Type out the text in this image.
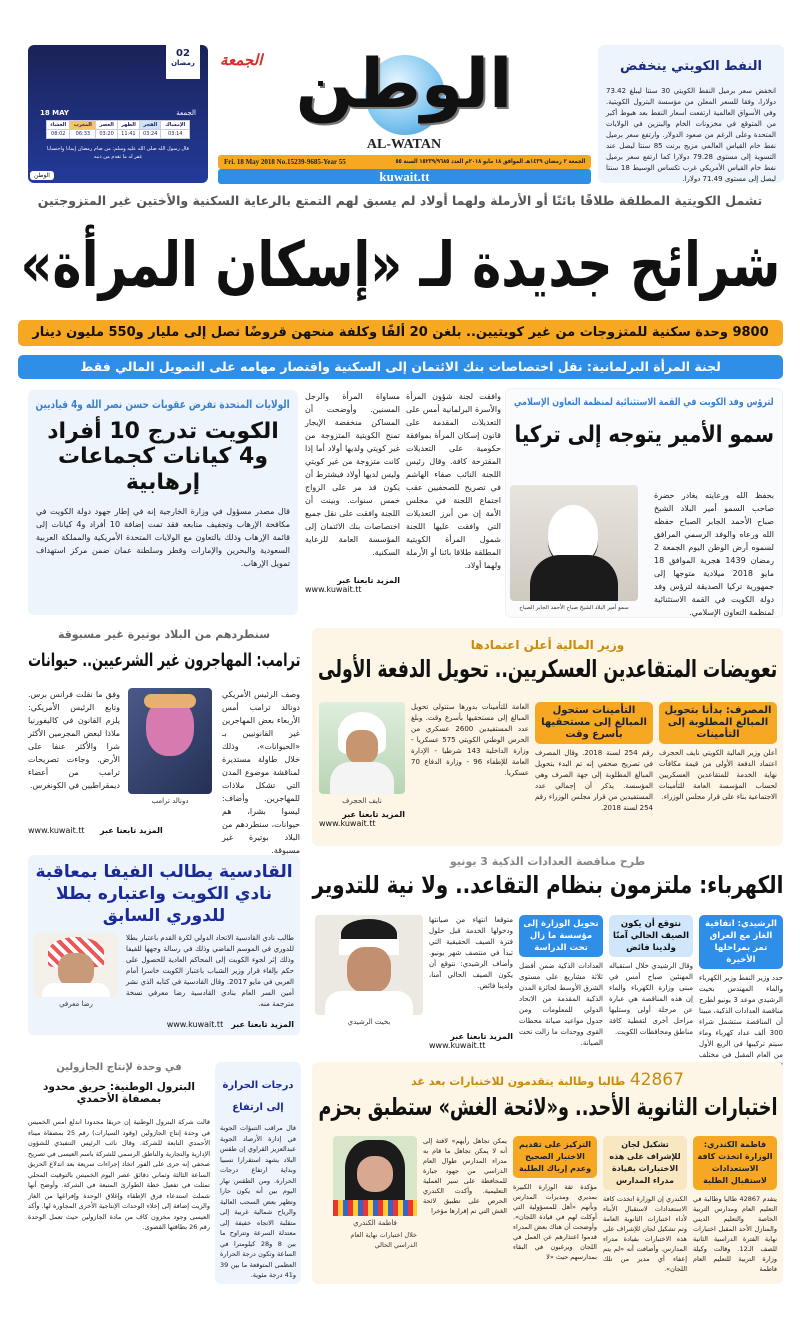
النفط الكويتي ينخفض
انخفض سعر برميل النفط الكويتي 30 سنتا ليبلغ 73.42 دولارا، وفقا للسعر المعلن من مؤسسة البترول الكويتية. وفي الأسواق العالمية ارتفعت أسعار النفط بعد هبوط أكبر من المتوقع في مخزونات الخام والبنزين في الولايات المتحدة وعلى الرغم من صعود الدولار. وارتفع سعر برميل نفط خام القياس العالمي مزيج برنت 85 سنتا ليصل عند التسوية إلى مستوى 79.28 دولارا كما ارتفع سعر برميل نفط خام القياس الأمريكي غرب تكساس الوسيط 18 سنتا ليصل إلى مستوى 71.49 دولارا.
الجمعة الوطن
AL-WATAN
الجمعة ٢ رمضان ١٤٣٩هـ الموافق ١٨ مايو ٢٠١٨م العدد ١٥٢٣٩/٩٦٨٥ السنة ٥٥
Fri. 18 May 2018 No.15239-9685-Year 55
kuwait.tt
02
رمضان
18 MAY	الجمعة
الإمساك	الفجر	الظهر	العصر	المغرب	العشاء
03:14	03:24	11:41	03:20	06:33	08:02
قال رسول الله صلى الله عليه وسلم: من صام رمضان إيمانا واحتسابا غفر له ما تقدم من ذنبه
الوطن
تشمل الكويتية المطلقة طلاقًا بائنًا أو الأرملة ولهما أولاد لم يسبق لهم التمتع بالرعاية السكنية والأختين غير المتزوجتين
شرائح جديدة لـ «إسكان المرأة»
9800 وحدة سكنية للمتزوجات من غير كويتيين.. بلغن 20 ألفًا وكلفة منحهن قروضًا تصل إلى مليار و550 مليون دينار
لجنة المرأة البرلمانية: نقل اختصاصات بنك الائتمان إلى السكنية واقتصار مهامه على التمويل المالي فقط
وافقت لجنة شؤون المرأة والأسرة البرلمانية أمس على التعديلات المقدمة على قانون إسكان المرأة بموافقة حكومية على التعديلات المقترحة كافة. وقال رئيس اللجنة النائب صفاء الهاشم في تصريح للصحفيين عقب اجتماع اللجنة في مجلس الأمة إن من أبرز التعديلات التي وافقت عليها اللجنة شمول المرأة الكويتية المطلقة طلاقا بائنا أو الأرملة ولهما أولاد.
مساواة المرأة والرجل المسنين. وأوضحت أن المساكن منخفضة الإيجار تمنح الكويتية المتزوجة من غير كويتي ولديها أولاد أما إذا كانت متزوجة من غير كويتي وليس لديها أولاد فيشترط أن يكون قد مر على الزواج خمس سنوات. وبينت أن اللجنة وافقت على نقل جميع اختصاصات بنك الائتمان إلى المؤسسة العامة للرعاية السكنية.
المزيد تابعنا عبر
www.kuwait.tt
الولايات المتحدة تفرض عقوبات حسن نصر الله و4 قياديين
الكويت تدرج 10 أفراد و4 كيانات كجماعات إرهابية
قال مصدر مسؤول في وزارة الخارجية إنه في إطار جهود دولة الكويت في مكافحة الإرهاب وتجفيف منابعه فقد تمت إضافة 10 أفراد و4 كيانات إلى قائمة الإرهاب وذلك بالتعاون مع الولايات المتحدة الأمريكية والمملكة العربية السعودية والبحرين والإمارات وقطر وسلطنة عمان ضمن مركز استهداف تمويل الإرهاب.
لترؤس وفد الكويت في القمة الاستثنائية لمنظمة التعاون الإسلامي
سمو الأمير يتوجه إلى تركيا
بحفظ الله ورعايته يغادر حضرة صاحب السمو أمير البلاد الشيخ صباح الأحمد الجابر الصباح حفظه الله ورعاه والوفد الرسمي المرافق لسموه أرض الوطن اليوم الجمعة 2 رمضان 1439 هجرية الموافق 18 مايو 2018 ميلادية متوجها إلى جمهورية تركيا الصديقة لترؤس وفد دولة الكويت في القمة الاستثنائية لمنظمة التعاون الإسلامي.
سمو أمير البلاد الشيخ صباح الأحمد الجابر الصباح
سنطردهم من البلاد بوتيرة غير مسبوقة
ترامب: المهاجرون غير الشرعيين.. حيوانات
وصف الرئيس الأمريكي دونالد ترامب أمس الأربعاء بعض المهاجرين غير القانونيين بـ «الحيوانات»، وذلك خلال طاولة مستديرة لمناقشة موضوع المدن التي تشكل ملاذات للمهاجرين. وأضاف: ليسوا بشرا، هم حيوانات، سنطردهم من البلاد بوتيرة غير مسبوقة.
دونالد ترامب
وفق ما نقلت فرانس برس. وتابع الرئيس الأمريكي: يلزم القانون في كاليفورنيا ملاذا لبعض المجرمين الأكثر شرا والأكثر عنفا على الأرض. وجاءت تصريحات ترامب من أعضاء ديمقراطيين في الكونغرس.
www.kuwait.tt	المزيد تابعنا عبر
وزير المالية أعلن اعتمادها
تعويضات المتقاعدين العسكريين.. تحويل الدفعة الأولى
المصرف: بدأنا بتحويل المبالغ المطلوبة إلى التأمينات
أعلن وزير المالية الكويتي نايف الحجرف اعتماد الدفعة الأولى من قيمة مكافآت نهاية الخدمة للمتقاعدين العسكريين لحساب المؤسسة العامة للتأمينات الاجتماعية بناء على قرار مجلس الوزراء.
التأمينات ستحول المبالغ إلى مستحقيها بأسرع وقت
رقم 254 لسنة 2018. وقال المصرف في تصريح صحفي إنه تم البدء بتحويل المبالغ المطلوبة إلى جهة الصرف وهي المؤسسة. يذكر أن إجمالي عدد المستفيدين من قرار مجلس الوزراء رقم 254 لسنة 2018.
العامة للتأمينات بدورها ستتولى تحويل المبالغ إلى مستحقيها بأسرع وقت. وبلغ عدد المستفيدين 2600 عسكري من الحرس الوطني الكويتي 575 عسكريا - وزارة الداخلية 143 شرطيا - الإدارة العامة للإطفاء 96 - وزارة الدفاع 70 عسكريا.
نايف الحجرف
المزيد تابعنا عبر
www.kuwait.tt
القادسية يطالب الفيفا بمعاقبة نادي الكويت واعتباره بطلا للدوري السابق
طالب نادي القادسية الاتحاد الدولي لكرة القدم باعتبار بطلا للدوري في الموسم الماضي وذلك في رسالة وجهها للفيفا وذلك إثر لجوء الكويت إلى المحاكم العادية للحصول على حكم بإلغاء قرار وزير الشباب باعتبار الكويت خاسرا أمام العربي في مايو 2017. وقال القادسية في كتابه الذي نشر أمين السر العام بنادي القادسية رضا معرفي نسخة مترجمة منه.
رضا معرفي
المزيد تابعنا عبر
www.kuwait.tt
طرح مناقصة العدادات الذكية 3 يونيو
الكهرباء: ملتزمون بنظام التقاعد.. ولا نية للتدوير
الرشيدي: اتفاقية الغاز مع العراق تمر بمراحلها الأخيرة
حدد وزير النفط وزير الكهرباء والماء المهندس بخيت الرشيدي موعد 3 يونيو لطرح مناقصة العدادات الذكية، مبينا أن المناقصة ستشمل شراء 300 ألف عداد كهرباء وماء سيتم تركيبها في الربع الأول من العام المقبل في مختلف
نتوقع أن يكون الصيف الحالي آمنًا ولدينا فائض
وقال الرشيدي خلال استقباله المهنئين صباح أمس في مبنى وزارة الكهرباء والماء إن هذه المناقصة هي عبارة عن مرحلة أولى وستليها مراحل أخرى لتغطية كافة مناطق ومحافظات الكويت.
تحويل الوزارة إلى مؤسسة ما زال تحت الدراسة
العدادات الذكية ضمن أفضل ثلاثة مشاريع على مستوى الشرق الأوسط لجائزة المدن الذكية المقدمة من الاتحاد الدولي للمعلومات ومن جدول مواعيد صيانة محطات القوى ووحدات ما زالت تحت الصيانة.
متوقعا انتهاء من صيانتها ودخولها الخدمة قبل حلول فترة الصيف الحقيقية التي تبدأ في منتصف شهر يونيو. وأضاف الرشيدي: نتوقع أن يكون الصيف الحالي آمنا، ولدينا فائض.
المزيد تابعنا عبر
www.kuwait.tt
بخيت الرشيدي
في وحدة لإنتاج الجازولين
البترول الوطنية: حريق محدود بمصفاة الأحمدي
قالت شركة البترول الوطنية إن حريقا محدودا اندلع أمس الخميس في وحدة إنتاج الجازولين (وقود السيارات) رقم 25 بمصفاة ميناء الأحمدي التابعة للشركة. وقال نائب الرئيس التنفيذي للشؤون الإدارية والتجارية والناطق الرسمي للشركة باسم العيسى في تصريح صحفي إنه جرى على الفور اتخاذ إجراءات سريعة بعد اندلاع الحريق الساعة الثالثة وثماني دقائق عصر اليوم الخميس بالتوقيت المحلي تمثلت في تفعيل خطة الطوارئ المتبعة في الشركة. وأوضح أنها شملت استدعاء فرق الإطفاء وإغلاق الوحدة وإفراغها من الغاز والزيت إضافة إلى إخلاء الوحدات الإنتاجية الأخرى المجاورة لها. وأكد العيسى وجود مخزون كاف من مادة الجازولين حيث تعمل الوحدة رقم 26 بطاقتها القصوى.
درجات الحرارة إلى ارتفاع
قال مراقب التنبؤات الجوية في إدارة الأرصاد الجوية عبدالعزيز القراوي إن طقس البلاد يشهد استقرارا نسبيا وبداية ارتفاع درجات الحرارة. ومن الطقس نهار اليوم بين أنه يكون حارا وتظهر بعض السحب العالية والرياح شمالية غربية إلى متقلبة الاتجاه خفيفة إلى معتدلة السرعة وتتراوح ما بين 8 و28 كيلومترا في الساعة وتكون درجة الحرارة العظمى المتوقعة ما بين 39 و41 درجة مئوية.
42867 طالبا وطالبة يتقدمون للاختبارات بعد غد
اختبارات الثانوية الأحد.. و«لائحة الغش» ستطبق بحزم
فاطمة الكندري: الوزارة اتخذت كافة الاستعدادات لاستقبال الطلبة
يتقدم 42867 طالبا وطالبة في التعليم العام ومدارس التربية الخاصة والتعليم الديني والمنازل الأحد المقبل اختبارات نهاية الفترة الدراسية الثانية للصف الـ12. وقالت وكيلة وزارة التربية للتعليم العام فاطمة
تشكيل لجان للإشراف على هذه الاختبارات بقيادة مدراء المدارس
الكندري إن الوزارة اتخذت كافة الاستعدادات لاستقبال الأبناء لأداء اختبارات الثانوية العامة وتم تشكيل لجان للإشراف على هذه الاختبارات بقيادة مدراء المدارس. وأضافت أنه «لم يتم إعفاء أي مدير من تلك اللجان».
التركيز على تقديم الاختبار الصحيح وعدم إرباك الطلبة
مؤكدة ثقة الوزارة الكبيرة بمديري ومديرات المدارس وبأنهم «أهل للمسؤولية التي أوكلت لهم في قيادة اللجان». وأوضحت أن هناك بعض المدراء قدموا اعتذارهم عن العمل في اللجان ويرغبون في البقاء بمدارسهم حيث «لا
يمكن تجاهل رأيهم» لافتة إلى أنه لا يمكن تجاهل ما قام به مدراء المدارس طوال العام الدراسي من جهود جبارة للمحافظة على سير العملية التعليمية. وأكدت الكندري الحرص على تطبيق لائحة الغش التي تم إقرارها مؤخرا
فاطمة الكندري
خلال اختبارات نهاية العام الدراسي الحالي
